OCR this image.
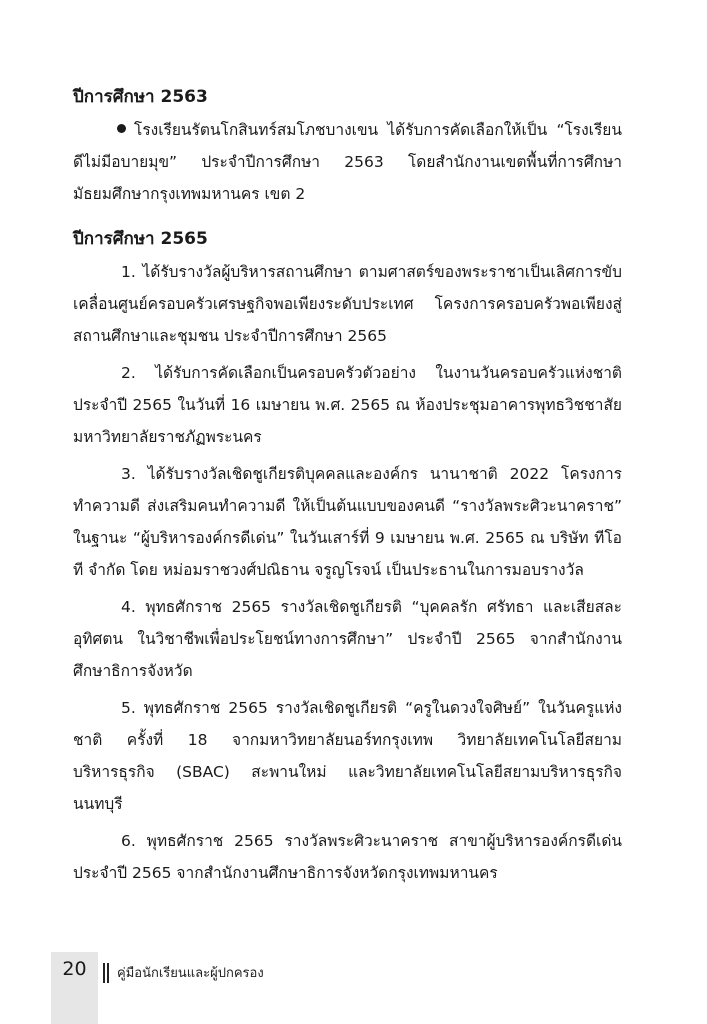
ปีการศึกษา 2563

โรงเรียนรัตนโกสินทร์สมโภชบางเขน ได้รับการคัดเลือกให้เป็น “โรงเรียนดีไม่มีอบายมุข” ประจำปีการศึกษา 2563 โดยสำนักงานเขตพื้นที่การศึกษามัธยมศึกษากรุงเทพมหานคร เขต 2

ปีการศึกษา 2565

1. ได้รับรางวัลผู้บริหารสถานศึกษา ตามศาสตร์ของพระราชาเป็นเลิศการขับเคลื่อนศูนย์ครอบครัวเศรษฐกิจพอเพียงระดับประเทศ โครงการครอบครัวพอเพียงสู่สถานศึกษาและชุมชน ประจำปีการศึกษา 2565

2. ได้รับการคัดเลือกเป็นครอบครัวตัวอย่าง ในงานวันครอบครัวแห่งชาติประจำปี 2565 ในวันที่ 16 เมษายน พ.ศ. 2565 ณ ห้องประชุมอาคารพุทธวิชชาสัย มหาวิทยาลัยราชภัฏพระนคร

3. ได้รับรางวัลเชิดชูเกียรติบุคคลและองค์กร นานาชาติ 2022 โครงการทำความดี ส่งเสริมคนทำความดี ให้เป็นต้นแบบของคนดี “รางวัลพระศิวะนาคราช” ในฐานะ “ผู้บริหารองค์กรดีเด่น” ในวันเสาร์ที่ 9 เมษายน พ.ศ. 2565 ณ บริษัท ทีโอที จำกัด โดย หม่อมราชวงศ์ปณิธาน จรูญโรจน์ เป็นประธานในการมอบรางวัล

4. พุทธศักราช 2565 รางวัลเชิดชูเกียรติ “บุคคลรัก ศรัทธา และเสียสละ อุทิศตน ในวิชาชีพเพื่อประโยชน์ทางการศึกษา” ประจำปี 2565 จากสำนักงานศึกษาธิการจังหวัด

5. พุทธศักราช 2565 รางวัลเชิดชูเกียรติ “ครูในดวงใจศิษย์” ในวันครูแห่งชาติ ครั้งที่ 18 จากมหาวิทยาลัยนอร์ทกรุงเทพ วิทยาลัยเทคโนโลยีสยามบริหารธุรกิจ (SBAC) สะพานใหม่ และวิทยาลัยเทคโนโลยีสยามบริหารธุรกิจ นนทบุรี

6. พุทธศักราช 2565 รางวัลพระศิวะนาคราช สาขาผู้บริหารองค์กรดีเด่น ประจำปี 2565 จากสำนักงานศึกษาธิการจังหวัดกรุงเทพมหานคร

20	คู่มือนักเรียนและผู้ปกครอง
